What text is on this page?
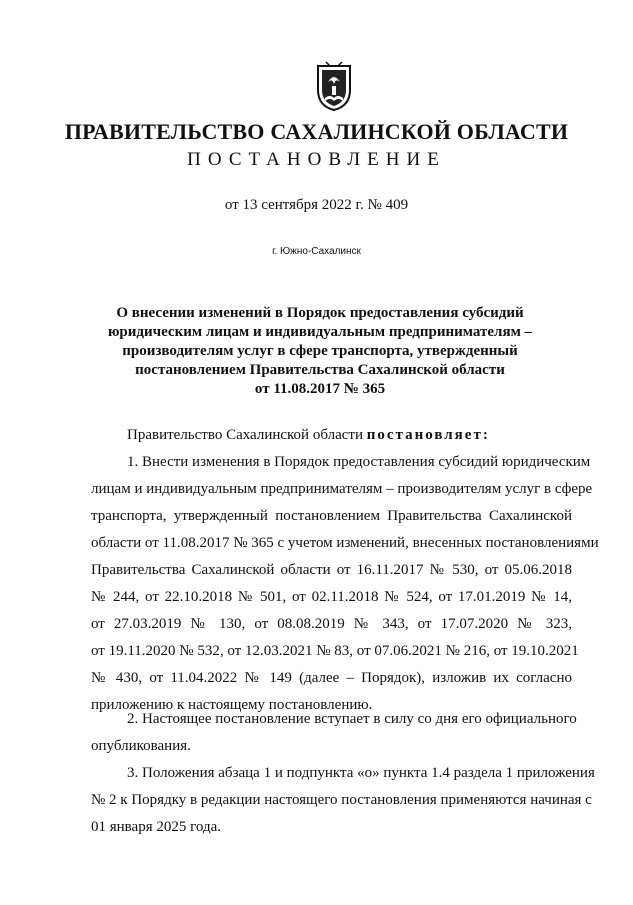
ПРАВИТЕЛЬСТВО САХАЛИНСКОЙ ОБЛАСТИ
ПОСТАНОВЛЕНИЕ
от 13 сентября 2022 г. № 409
г. Южно-Сахалинск
О внесении изменений в Порядок предоставления субсидий
юридическим лицам и индивидуальным предпринимателям –
производителям услуг в сфере транспорта, утвержденный
постановлением Правительства Сахалинской области
от 11.08.2017 № 365
Правительство Сахалинской области постановляет:
1. Внести изменения в Порядок предоставления субсидий юридическим
лицам и индивидуальным предпринимателям – производителям услуг в сфере
транспорта, утвержденный постановлением Правительства Сахалинской
области от 11.08.2017 № 365 с учетом изменений, внесенных постановлениями
Правительства Сахалинской области от 16.11.2017 № 530, от 05.06.2018
№ 244, от 22.10.2018 № 501, от 02.11.2018 № 524, от 17.01.2019 № 14,
от 27.03.2019 № 130, от 08.08.2019 № 343, от 17.07.2020 № 323,
от 19.11.2020 № 532, от 12.03.2021 № 83, от 07.06.2021 № 216, от 19.10.2021
№ 430, от 11.04.2022 № 149 (далее – Порядок), изложив их согласно
приложению к настоящему постановлению.
2. Настоящее постановление вступает в силу со дня его официального
опубликования.
3. Положения абзаца 1 и подпункта «о» пункта 1.4 раздела 1 приложения
№ 2 к Порядку в редакции настоящего постановления применяются начиная с
01 января 2025 года.
